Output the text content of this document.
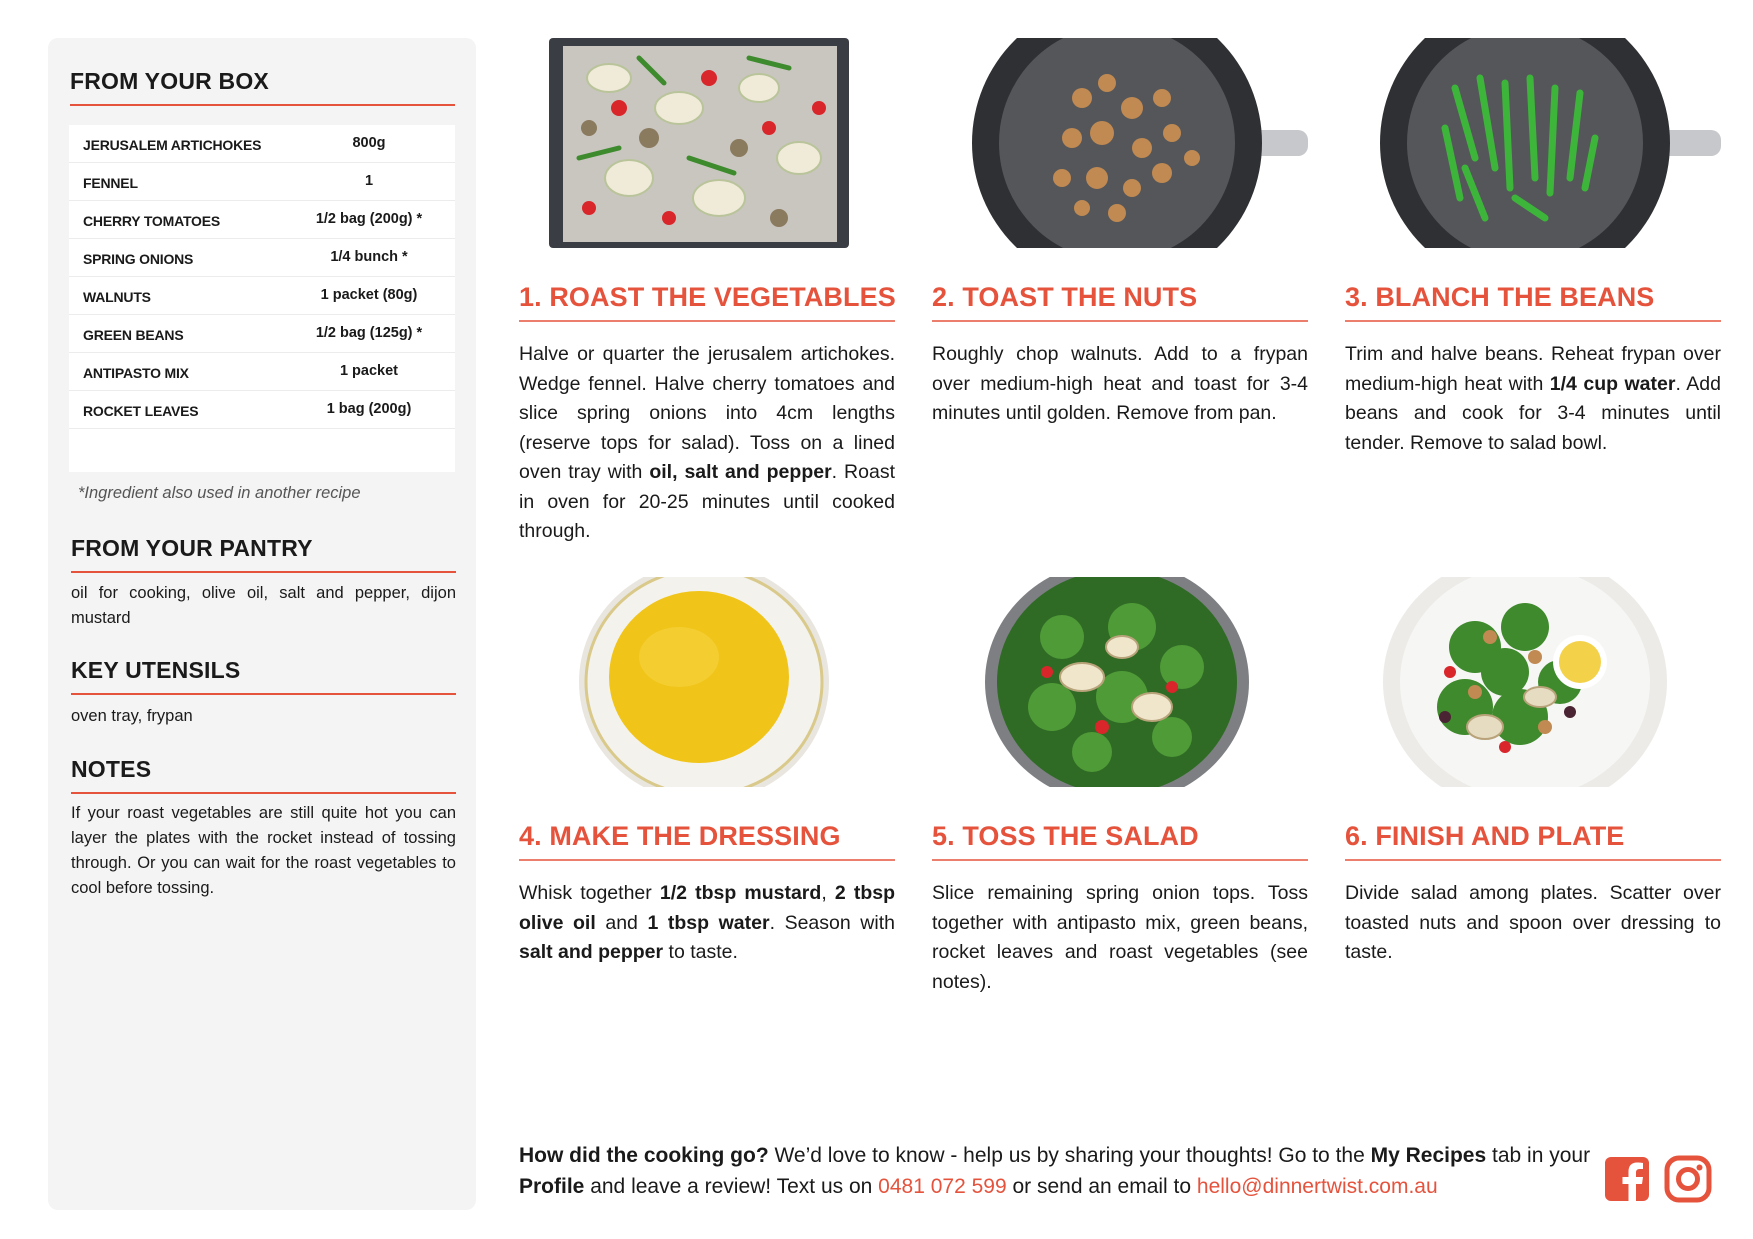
FROM YOUR BOX
JERUSALEM ARTICHOKES	800g
FENNEL	1
CHERRY TOMATOES	1/2 bag (200g) *
SPRING ONIONS	1/4 bunch *
WALNUTS	1 packet (80g)
GREEN BEANS	1/2 bag (125g) *
ANTIPASTO MIX	1 packet
ROCKET LEAVES	1 bag (200g)
*Ingredient also used in another recipe
FROM YOUR PANTRY
oil for cooking, olive oil, salt and pepper, dijon mustard
KEY UTENSILS
oven tray, frypan
NOTES
If your roast vegetables are still quite hot you can layer the plates with the rocket instead of tossing through. Or you can wait for the roast vegetables to cool before tossing.
1. ROAST THE VEGETABLES
Halve or quarter the jerusalem artichokes. Wedge fennel. Halve cherry tomatoes and slice spring onions into 4cm lengths (reserve tops for salad). Toss on a lined oven tray with oil, salt and pepper. Roast in oven for 20-25 minutes until cooked through.
2. TOAST THE NUTS
Roughly chop walnuts. Add to a frypan over medium-high heat and toast for 3-4 minutes until golden. Remove from pan.
3. BLANCH THE BEANS
Trim and halve beans. Reheat frypan over medium-high heat with 1/4 cup water. Add beans and cook for 3-4 minutes until tender. Remove to salad bowl.
4. MAKE THE DRESSING
Whisk together 1/2 tbsp mustard, 2 tbsp olive oil and 1 tbsp water. Season with salt and pepper to taste.
5. TOSS THE SALAD
Slice remaining spring onion tops. Toss together with antipasto mix, green beans, rocket leaves and roast vegetables (see notes).
6. FINISH AND PLATE
Divide salad among plates. Scatter over toasted nuts and spoon over dressing to taste.
How did the cooking go? We’d love to know - help us by sharing your thoughts! Go to the My Recipes tab in your Profile and leave a review! Text us on 0481 072 599 or send an email to hello@dinnertwist.com.au
